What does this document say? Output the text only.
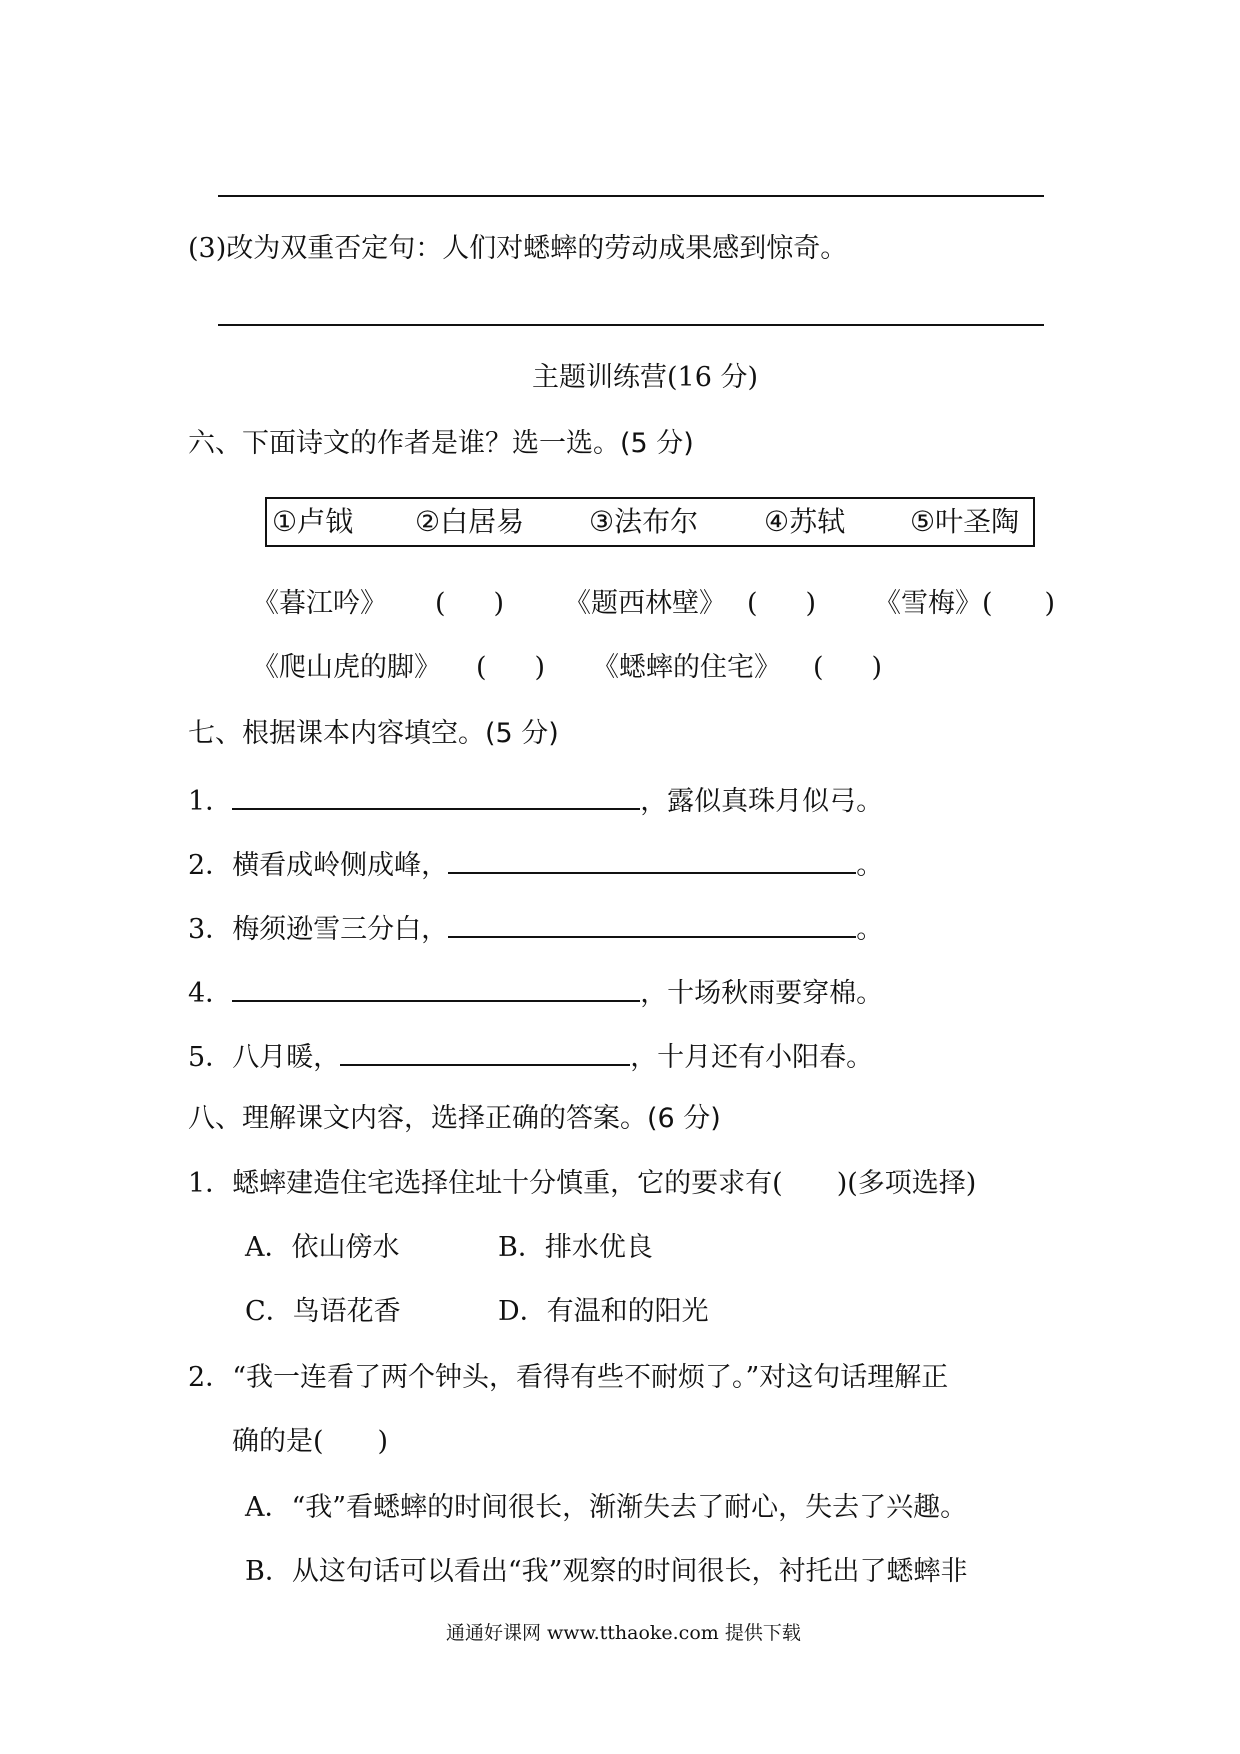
(3)改为双重否定句：人们对蟋蟀的劳动成果感到惊奇。
主题训练营(16 分)
六、下面诗文的作者是谁？选一选。(5 分)
①卢钺 ②白居易 ③法布尔 ④苏轼 ⑤叶圣陶
《暮江吟》 ( ) 《题西林壁》 ( ) 《雪梅》( )
《爬山虎的脚》 ( ) 《蟋蟀的住宅》 ( )
七、根据课本内容填空。(5 分)
1．	，露似真珠月似弓。
2．横看成岭侧成峰，	。
3．梅须逊雪三分白，	。
4．	，十场秋雨要穿棉。
5．八月暖，	，十月还有小阳春。
八、理解课文内容，选择正确的答案。(6 分)
1．蟋蟀建造住宅选择住址十分慎重，它的要求有(　　)(多项选择)
A．依山傍水	B．排水优良
C．鸟语花香	D．有温和的阳光
2．“我一连看了两个钟头，看得有些不耐烦了。”对这句话理解正
确的是(　　)
A．“我”看蟋蟀的时间很长，渐渐失去了耐心，失去了兴趣。
B．从这句话可以看出“我”观察的时间很长，衬托出了蟋蟀非
通通好课网 www.tthaoke.com 提供下载
